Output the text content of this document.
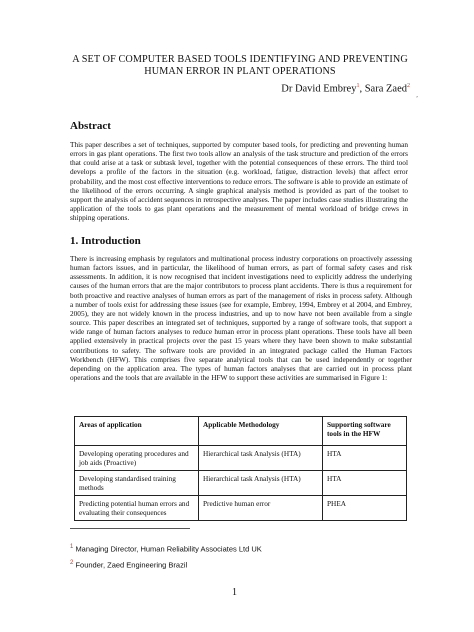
A SET OF COMPUTER BASED TOOLS IDENTIFYING AND PREVENTING
HUMAN ERROR IN PLANT OPERATIONS
Dr David Embrey$^1$, Sara Zaed$^2$
’
Abstract
This paper describes a set of techniques, supported by computer based tools, for predicting and preventing human errors in gas plant operations. The first two tools allow an analysis of the task structure and prediction of the errors that could arise at a task or subtask level, together with the potential consequences of these errors. The third tool develops a profile of the factors in the situation (e.g. workload, fatigue, distraction levels) that affect error probability, and the most cost effective interventions to reduce errors. The software is able to provide an estimate of the likelihood of the errors occurring. A single graphical analysis method is provided as part of the toolset to support the analysis of accident sequences in retrospective analyses. The paper includes case studies illustrating the application of the tools to gas plant operations and the measurement of mental workload of bridge crews in shipping operations.
1. Introduction
There is increasing emphasis by regulators and multinational process industry corporations on proactively assessing human factors issues, and in particular, the likelihood of human errors, as part of formal safety cases and risk assessments. In addition, it is now recognised that incident investigations need to explicitly address the underlying causes of the human errors that are the major contributors to process plant accidents. There is thus a requirement for both proactive and reactive analyses of human errors as part of the management of risks in process safety. Although a number of tools exist for addressing these issues (see for example, Embrey, 1994, Embrey et al 2004, and Embrey, 2005), they are not widely known in the process industries, and up to now have not been available from a single source. This paper describes an integrated set of techniques, supported by a range of software tools, that support a wide range of human factors analyses to reduce human error in process plant operations. These tools have all been applied extensively in practical projects over the past 15 years where they have been shown to make substantial contributions to safety. The software tools are provided in an integrated package called the Human Factors Workbench (HFW). This comprises five separate analytical tools that can be used independently or together depending on the application area. The types of human factors analyses that are carried out in process plant operations and the tools that are available in the HFW to support these activities are summarised in Figure 1:
Areas of application	Applicable Methodology	Supporting software tools in the HFW
Developing operating procedures and job aids (Proactive)	Hierarchical task Analysis (HTA)	HTA
Developing standardised training methods	Hierarchical task Analysis (HTA)	HTA
Predicting potential human errors and evaluating their consequences	Predictive human error	PHEA
$^1$ Managing Director, Human Reliability Associates Ltd UK
$^2$ Founder, Zaed Engineering Brazil
1
